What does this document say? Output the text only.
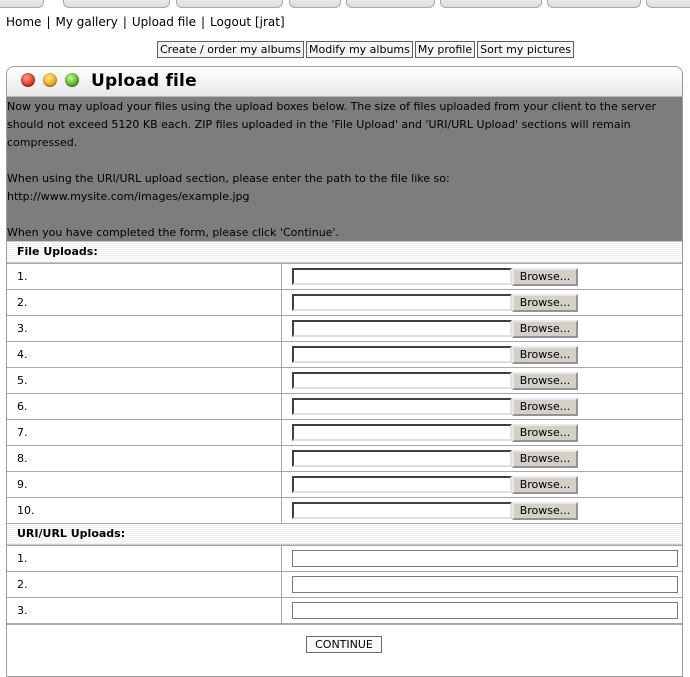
Home | My gallery | Upload file | Logout [jrat]
Create / order my albums Modify my albums My profile Sort my pictures
Upload file

Now you may upload your files using the upload boxes below. The size of files uploaded from your client to the server should not exceed 5120 KB each. ZIP files uploaded in the 'File Upload' and 'URI/URL Upload' sections will remain compressed.

When using the URI/URL upload section, please enter the path to the file like so:

http://www.mysite.com/images/example.jpg

When you have completed the form, please click 'Continue'.

File Uploads:
1.	Browse...
2.	Browse...
3.	Browse...
4.	Browse...
5.	Browse...
6.	Browse...
7.	Browse...
8.	Browse...
9.	Browse...
10.	Browse...
URI/URL Uploads:
1.	
2.	
3.	
CONTINUE
